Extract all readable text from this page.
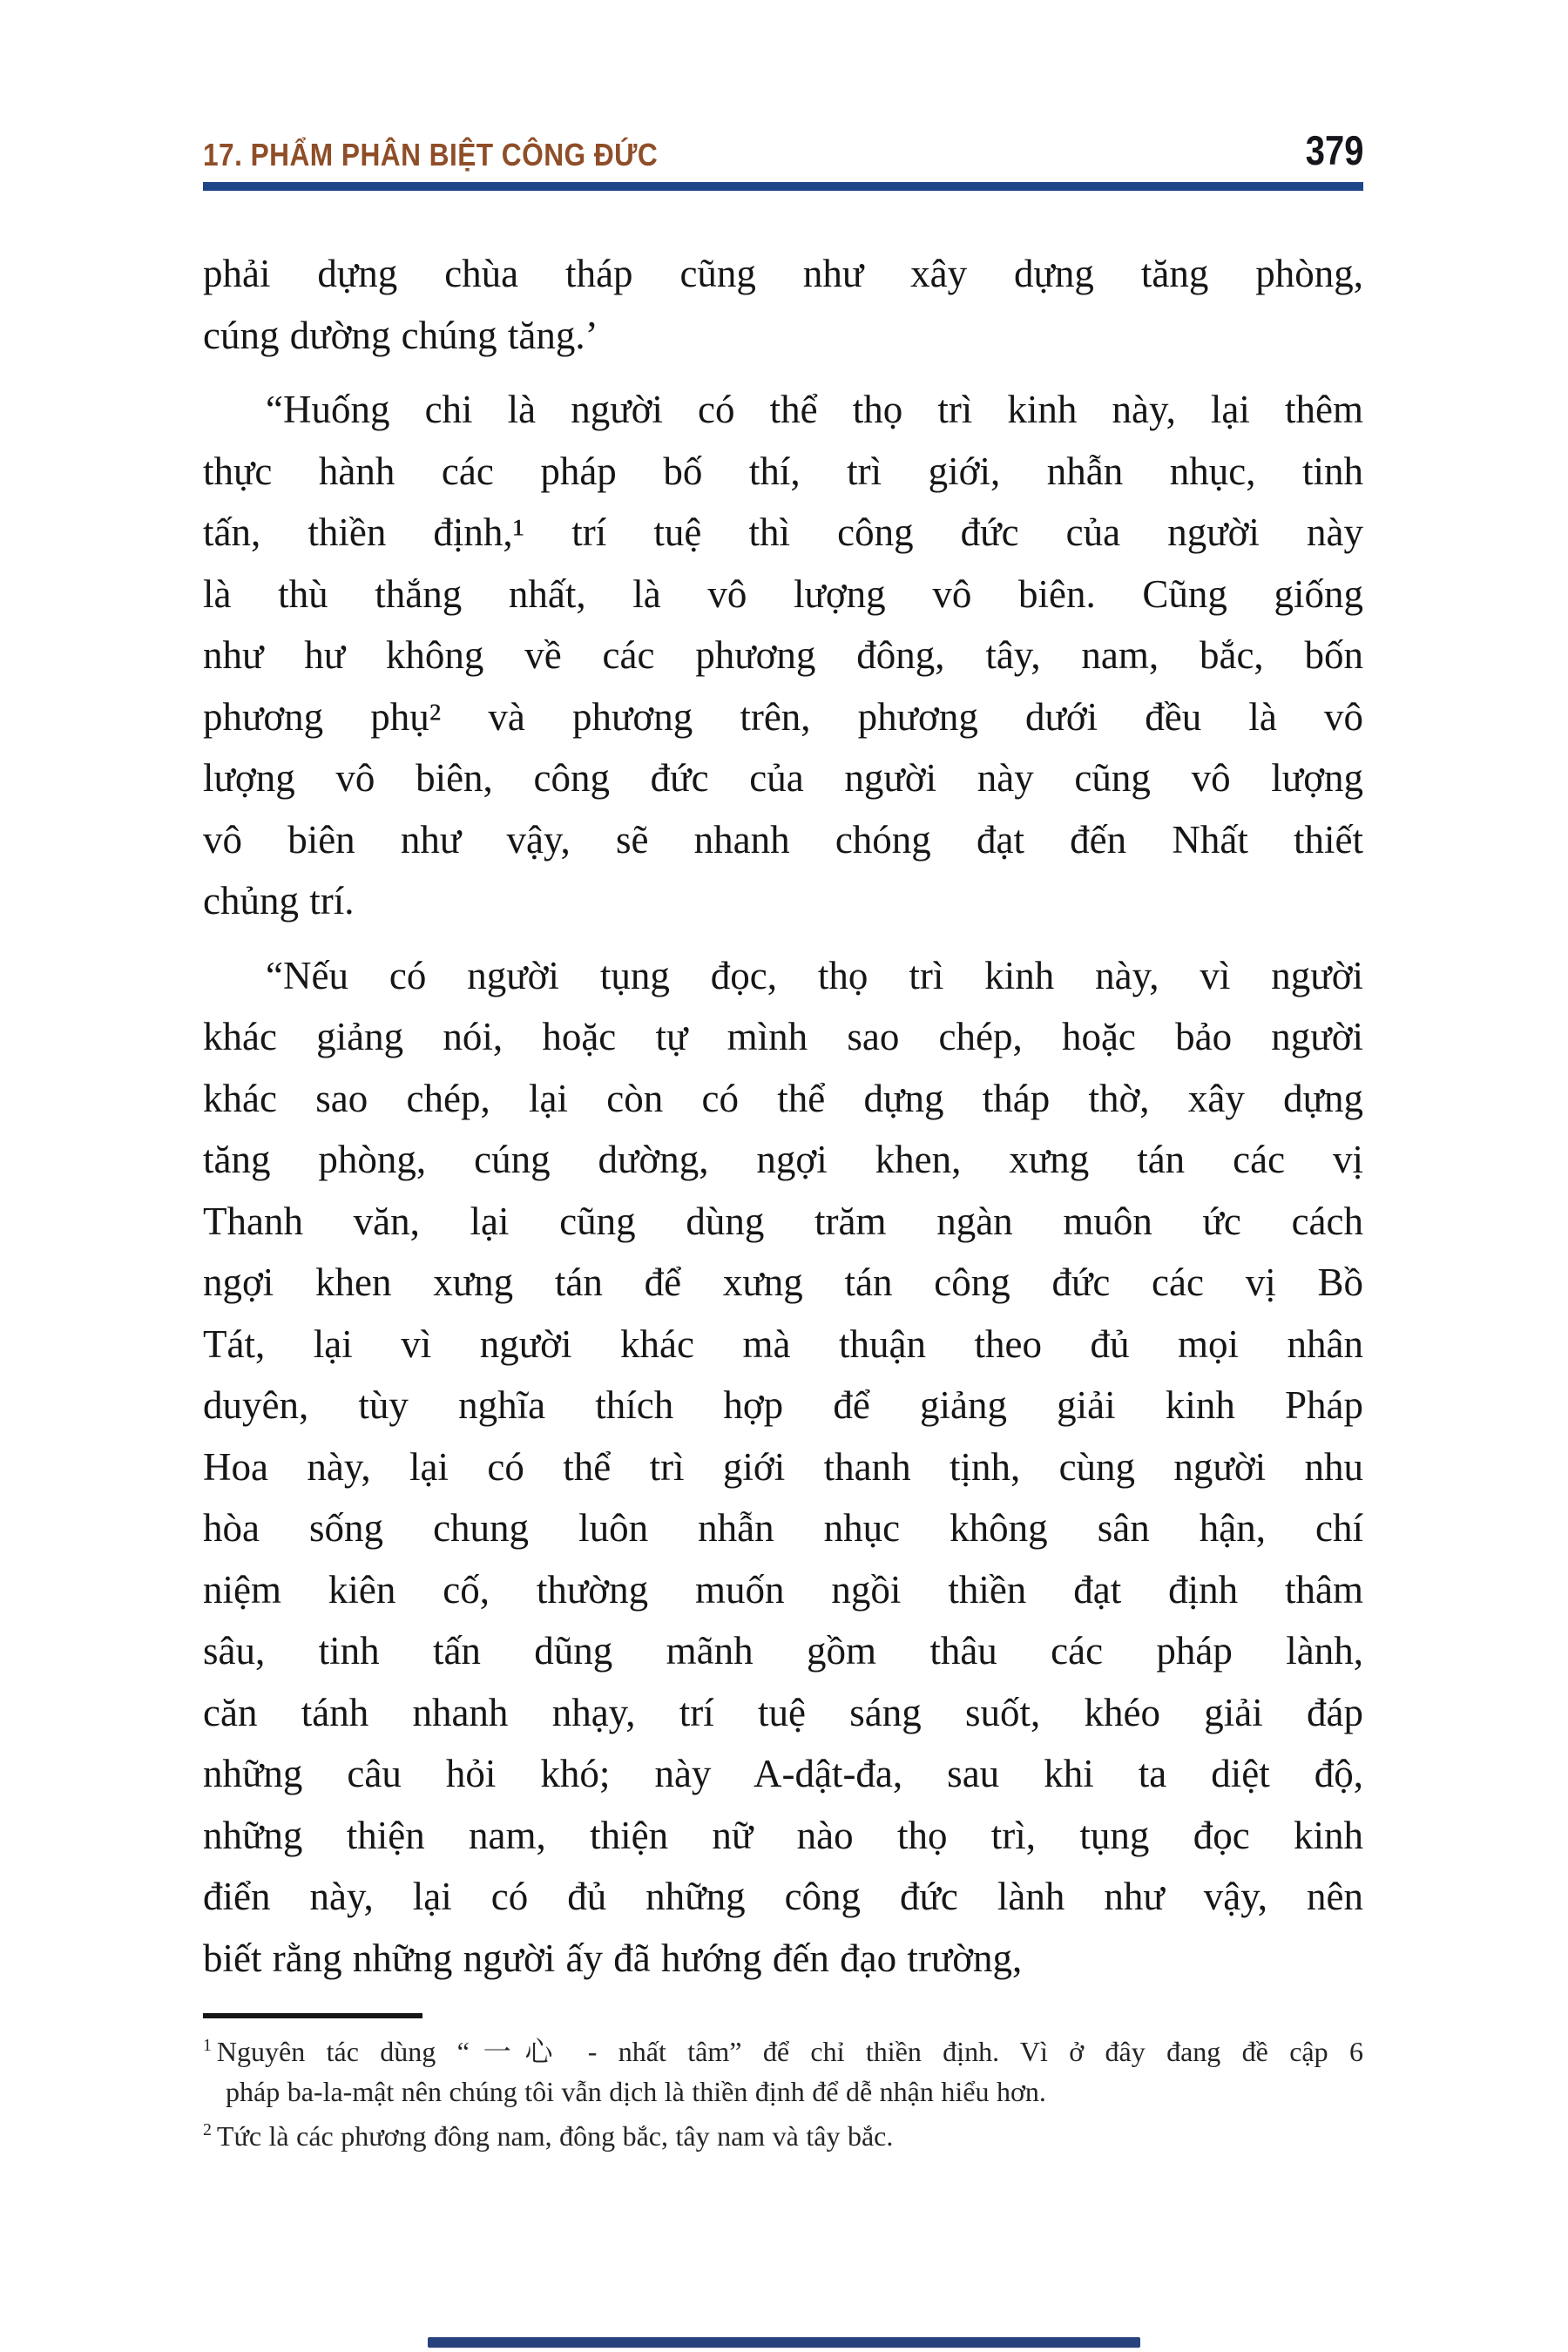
17. PHẨM PHÂN BIỆT CÔNG ĐỨC	379
phải dựng chùa tháp cũng như xây dựng tăng phòng,
cúng dường chúng tăng.’
“Huống chi là người có thể thọ trì kinh này, lại thêm
thực hành các pháp bố thí, trì giới, nhẫn nhục, tinh
tấn, thiền định,¹ trí tuệ thì công đức của người này
là thù thắng nhất, là vô lượng vô biên. Cũng giống
như hư không về các phương đông, tây, nam, bắc, bốn
phương phụ² và phương trên, phương dưới đều là vô
lượng vô biên, công đức của người này cũng vô lượng
vô biên như vậy, sẽ nhanh chóng đạt đến Nhất thiết
chủng trí.
“Nếu có người tụng đọc, thọ trì kinh này, vì người
khác giảng nói, hoặc tự mình sao chép, hoặc bảo người
khác sao chép, lại còn có thể dựng tháp thờ, xây dựng
tăng phòng, cúng dường, ngợi khen, xưng tán các vị
Thanh văn, lại cũng dùng trăm ngàn muôn ức cách
ngợi khen xưng tán để xưng tán công đức các vị Bồ
Tát, lại vì người khác mà thuận theo đủ mọi nhân
duyên, tùy nghĩa thích hợp để giảng giải kinh Pháp
Hoa này, lại có thể trì giới thanh tịnh, cùng người nhu
hòa sống chung luôn nhẫn nhục không sân hận, chí
niệm kiên cố, thường muốn ngồi thiền đạt định thâm
sâu, tinh tấn dũng mãnh gồm thâu các pháp lành,
căn tánh nhanh nhạy, trí tuệ sáng suốt, khéo giải đáp
những câu hỏi khó; này A-dật-đa, sau khi ta diệt độ,
những thiện nam, thiện nữ nào thọ trì, tụng đọc kinh
điển này, lại có đủ những công đức lành như vậy, nên
biết rằng những người ấy đã hướng đến đạo trường,
$^1$ Nguyên tác dùng “一心 - nhất tâm” để chỉ thiền định. Vì ở đây đang đề cập 6
pháp ba-la-mật nên chúng tôi vẫn dịch là thiền định để dễ nhận hiểu hơn.
$^2$ Tức là các phương đông nam, đông bắc, tây nam và tây bắc.
